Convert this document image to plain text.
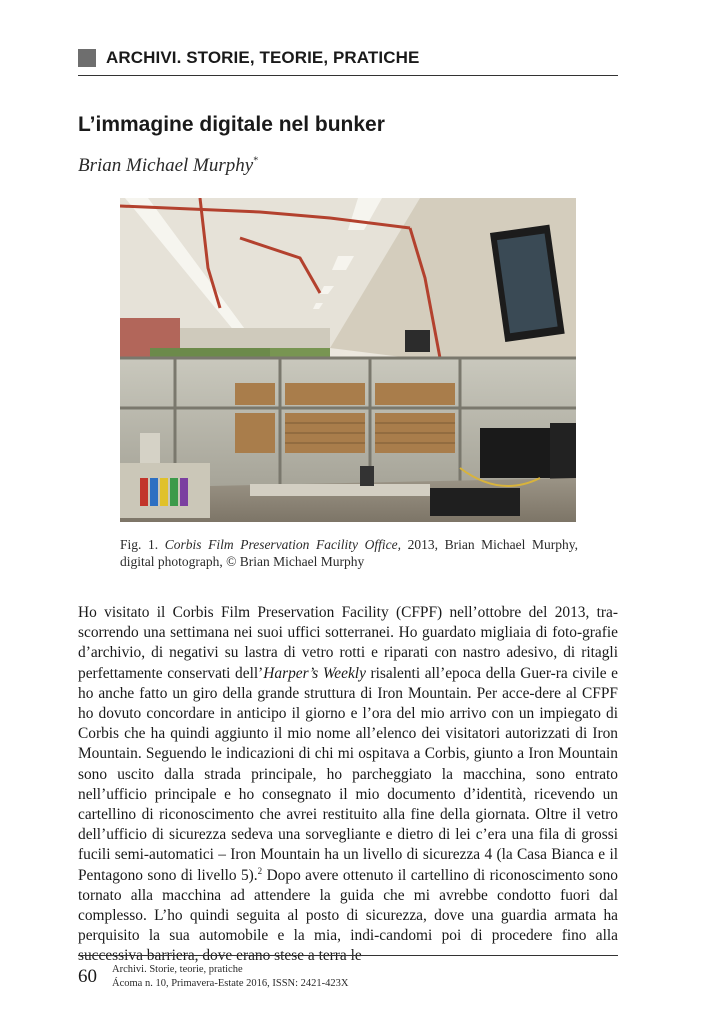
ARCHIVI. STORIE, TEORIE, PRATICHE
L’immagine digitale nel bunker
Brian Michael Murphy*
Fig. 1. Corbis Film Preservation Facility Office, 2013, Brian Michael Murphy, digital photograph, © Brian Michael Murphy

Ho visitato il Corbis Film Preservation Facility (CFPF) nell’ottobre del 2013, tra-scorrendo una settimana nei suoi uffici sotterranei. Ho guardato migliaia di foto-grafie d’archivio, di negativi su lastra di vetro rotti e riparati con nastro adesivo, di ritagli perfettamente conservati dell’Harper’s Weekly risalenti all’epoca della Guer-ra civile e ho anche fatto un giro della grande struttura di Iron Mountain. Per acce-dere al CFPF ho dovuto concordare in anticipo il giorno e l’ora del mio arrivo con un impiegato di Corbis che ha quindi aggiunto il mio nome all’elenco dei visitatori autorizzati di Iron Mountain. Seguendo le indicazioni di chi mi ospitava a Corbis, giunto a Iron Mountain sono uscito dalla strada principale, ho parcheggiato la macchina, sono entrato nell’ufficio principale e ho consegnato il mio documento d’identità, ricevendo un cartellino di riconoscimento che avrei restituito alla fine della giornata. Oltre il vetro dell’ufficio di sicurezza sedeva una sorvegliante e dietro di lei c’era una fila di grossi fucili semi-automatici – Iron Mountain ha un livello di sicurezza 4 (la Casa Bianca e il Pentagono sono di livello 5).$^2$ Dopo avere ottenuto il cartellino di riconoscimento sono tornato alla macchina ad attendere la guida che mi avrebbe condotto fuori dal complesso. L’ho quindi seguita al posto di sicurezza, dove una guardia armata ha perquisito la sua automobile e la mia, indi-candomi poi di procedere fino alla successiva barriera, dove erano stese a terra le

60 Archivi. Storie, teorie, pratiche
Ácoma n. 10, Primavera-Estate 2016, ISSN: 2421-423X
